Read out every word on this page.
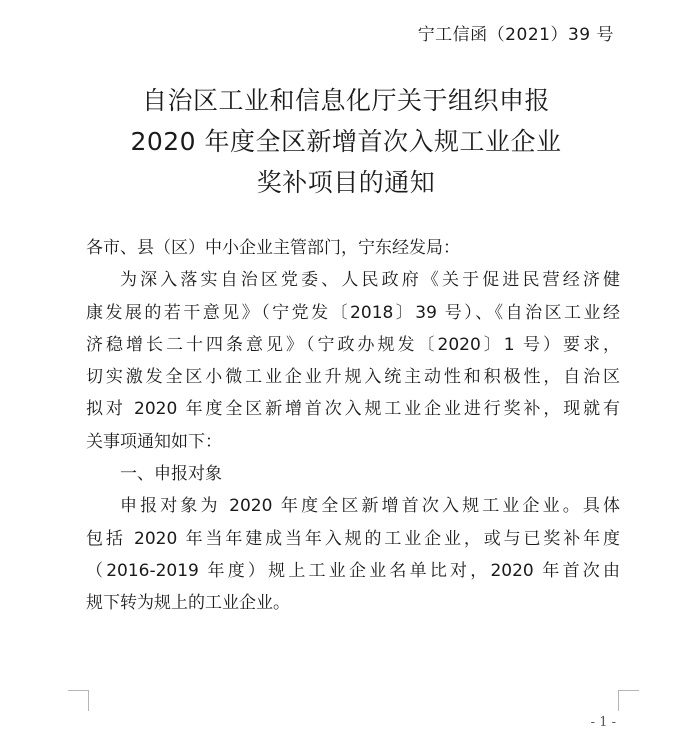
宁工信函（2021）39 号
自治区工业和信息化厅关于组织申报
2020 年度全区新增首次入规工业企业
奖补项目的通知
各市、县（区）中小企业主管部门，宁东经发局：
为深入落实自治区党委、人民政府《关于促进民营经济健
康发展的若干意见》（宁党发〔2018〕39 号）、《自治区工业经
济稳增长二十四条意见》（宁政办规发〔2020〕1 号）要求，
切实激发全区小微工业企业升规入统主动性和积极性，自治区
拟对 2020 年度全区新增首次入规工业企业进行奖补，现就有
关事项通知如下：
一、申报对象
申报对象为 2020 年度全区新增首次入规工业企业。具体
包括 2020 年当年建成当年入规的工业企业，或与已奖补年度
（2016-2019 年度）规上工业企业名单比对，2020 年首次由
规下转为规上的工业企业。
- 1 -
